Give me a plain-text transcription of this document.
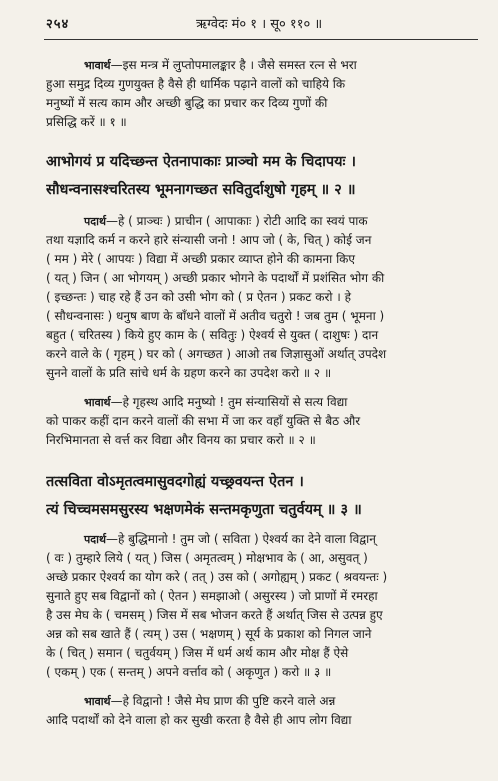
२५४	ऋग्वेदः मं० १ । सू० ११० ॥
भावार्थ—इस मन्त्र में लुप्तोपमालङ्कार है । जैसे समस्त रत्न से भरा
हुआ समुद्र दिव्य गुणयुक्त है वैसे ही धार्मिक पढ़ाने वालों को चाहिये कि
मनुष्यों में सत्य काम और अच्छी बुद्धि का प्रचार कर दिव्य गुणों की
प्रसिद्धि करें ॥ १ ॥
आभोगयं प्र यदिच्छन्त ऐतनापाकाः प्राञ्चो मम के चिदापयः ।
सौधन्वनासश्चरितस्य भूमनागच्छत सवितुर्दाशुषो गृहम् ॥ २ ॥
पदार्थ—हे ( प्राञ्चः ) प्राचीन ( आपाकाः ) रोटी आदि का स्वयं पाक
तथा यज्ञादि कर्म न करने हारे संन्यासी जनो ! आप जो ( के, चित् ) कोई जन
( मम ) मेरे ( आपयः ) विद्या में अच्छी प्रकार व्याप्त होने की कामना किए
( यत् ) जिन ( आ भोगयम् ) अच्छी प्रकार भोगने के पदार्थों में प्रशंसित भोग की
( इच्छन्तः ) चाह रहे हैं उन को उसी भोग को ( प्र ऐतन ) प्रकट करो । हे
( सौधन्वनासः ) धनुष बाण के बाँधने वालों में अतीव चतुरो ! जब तुम ( भूमना )
बहुत ( चरितस्य ) किये हुए काम के ( सवितुः ) ऐश्वर्य से युक्त ( दाशुषः ) दान
करने वाले के ( गृहम् ) घर को ( अगच्छत ) आओ तब जिज्ञासुओं अर्थात् उपदेश
सुनने वालों के प्रति सांचे धर्म के ग्रहण करने का उपदेश करो ॥ २ ॥
भावार्थ—हे गृहस्थ आदि मनुष्यो ! तुम संन्यासियों से सत्य विद्या
को पाकर कहीं दान करने वालों की सभा में जा कर वहाँ युक्ति से बैठ और
निरभिमानता से वर्त्त कर विद्या और विनय का प्रचार करो ॥ २ ॥
तत्सविता वोऽमृतत्वमासुवदगोह्यं यच्छ्रवयन्त ऐतन ।
त्यं चिच्चमसमसुरस्य भक्षणमेकं सन्तमकृणुता चतुर्वयम् ॥ ३ ॥
पदार्थ—हे बुद्धिमानो ! तुम जो ( सविता ) ऐश्वर्य का देने वाला विद्वान्
( वः ) तुम्हारे लिये ( यत् ) जिस ( अमृतत्वम् ) मोक्षभाव के ( आ, असुवत् )
अच्छे प्रकार ऐश्वर्य का योग करे ( तत् ) उस को ( अगोह्यम् ) प्रकट ( श्रवयन्तः )
सुनाते हुए सब विद्वानों को ( ऐतन ) समझाओ ( असुरस्य ) जो प्राणों में रमरहा
है उस मेघ के ( चमसम् ) जिस में सब भोजन करते हैं अर्थात् जिस से उत्पन्न हुए
अन्न को सब खाते हैं ( त्यम् ) उस ( भक्षणम् ) सूर्य के प्रकाश को निगल जाने
के ( चित् ) समान ( चतुर्वयम् ) जिस में धर्म अर्थ काम और मोक्ष हैं ऐसे
( एकम् ) एक ( सन्तम् ) अपने वर्त्ताव को ( अकृणुत ) करो ॥ ३ ॥
भावार्थ—हे विद्वानो ! जैसे मेघ प्राण की पुष्टि करने वाले अन्न
आदि पदार्थों को देने वाला हो कर सुखी करता है वैसे ही आप लोग विद्या
